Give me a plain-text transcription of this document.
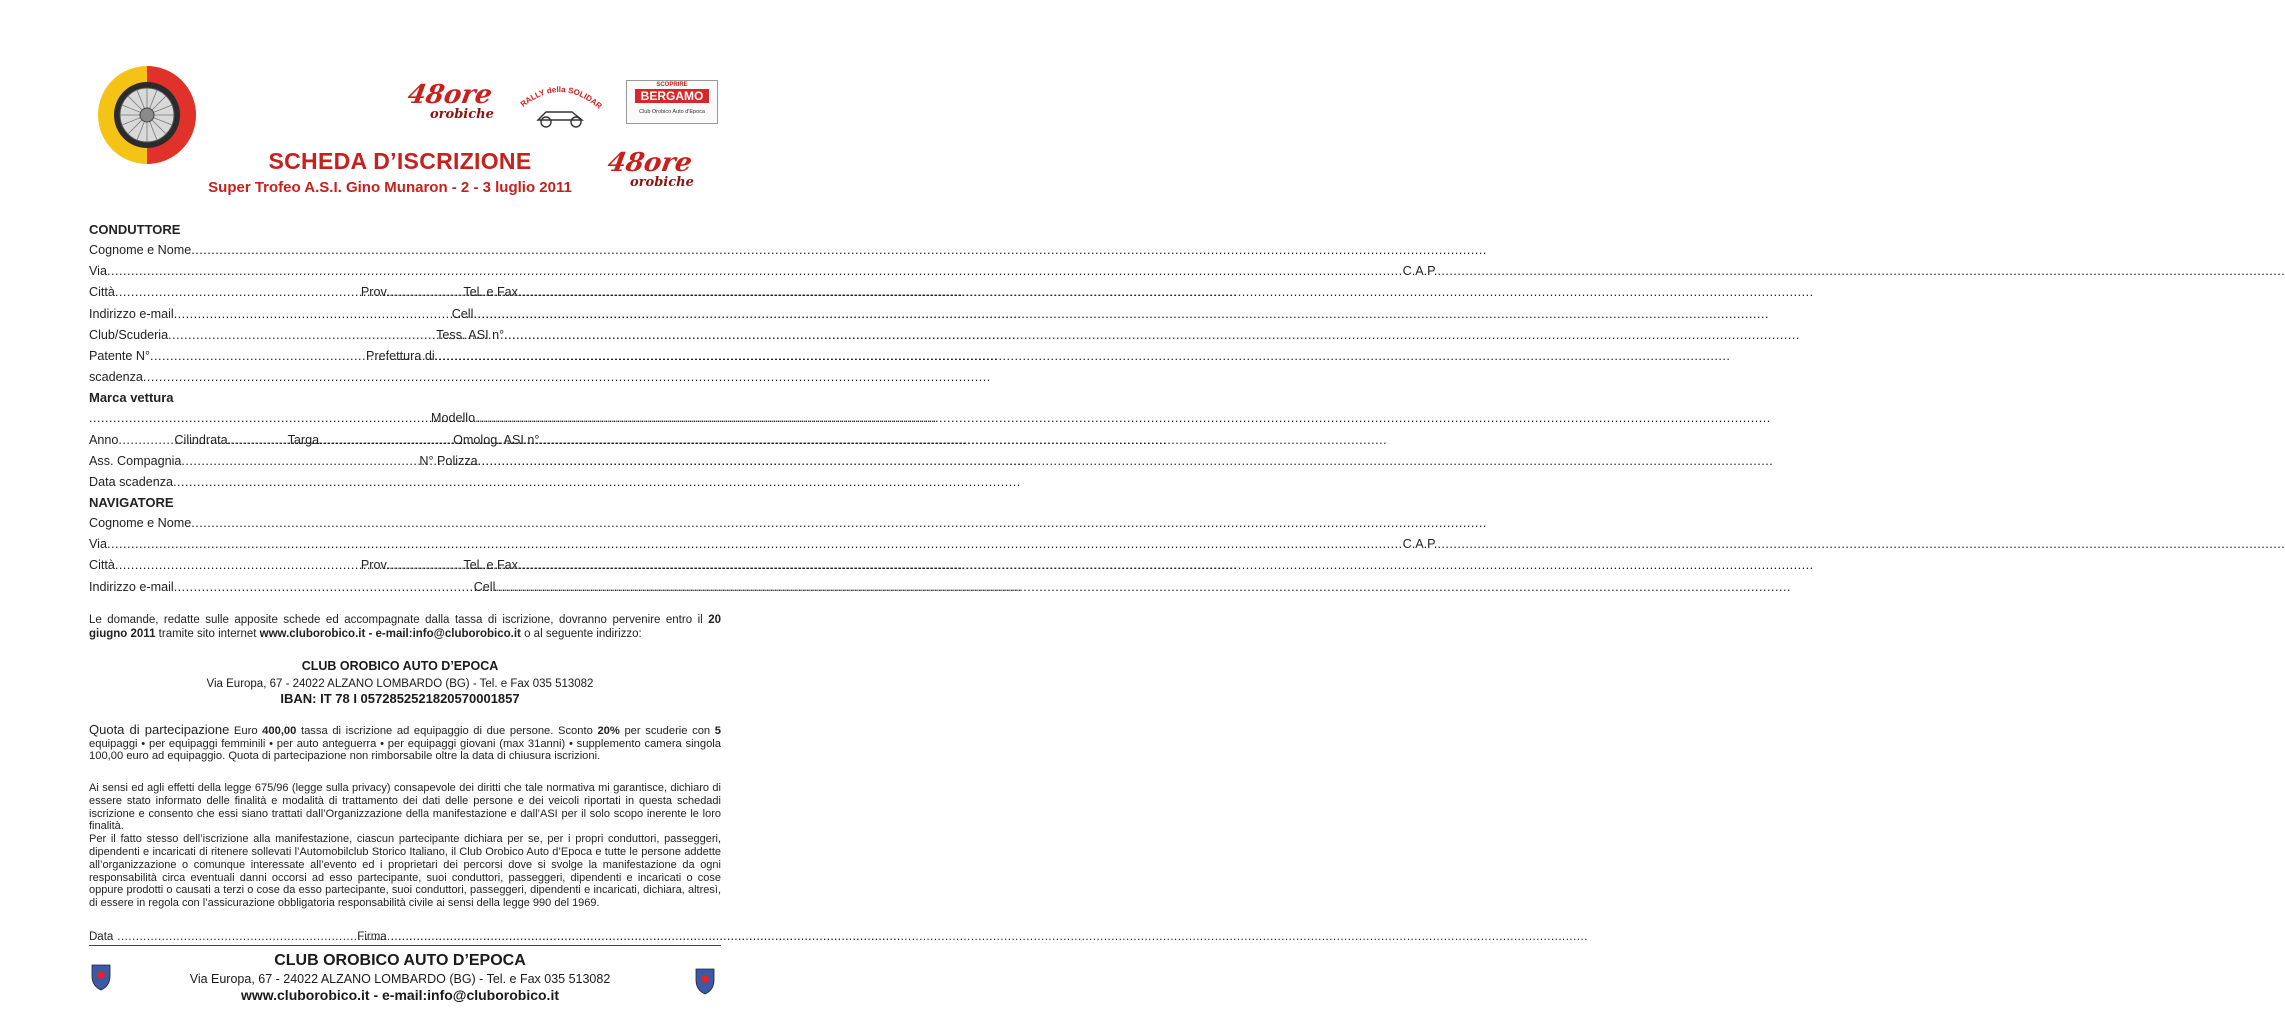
48ore
orobiche
RALLY della SOLIDAR
SCOPRIRE
BERGAMO
Club Orobico Auto d'Epoca
48ore
orobiche
SCHEDA D’ISCRIZIONE
Super Trofeo A.S.I. Gino Munaron - 2 - 3 luglio 2011
CONDUTTORE
Cognome e Nome
.....
Via .....	C.A.P.
.....
Città .....	Prov. .....	Tel. e Fax
.....
Indirizzo e-mail .....	Cell
.....
Club/Scuderia .....	Tess. ASI n°
.....
Patente N° .....	Prefettura di
.....
scadenza
.....
Marca vettura
.....
Modello
.....
Anno .....	Cilindrata .....	Targa .....	Omolog. ASI n°
.....
Ass. Compagnia .....	N° Polizza
.....
Data scadenza
.....
NAVIGATORE
Cognome e Nome
.....
Via .....	C.A.P.
.....
Città .....	Prov. .....	Tel. e Fax
.....
Indirizzo e-mail .....	Cell
.....
Le domande, redatte sulle apposite schede ed accompagnate dalla tassa di iscrizione, dovranno pervenire entro il 20 giugno 2011 tramite sito internet www.cluborobico.it - e-mail:info@cluborobico.it o al seguente indirizzo:
CLUB OROBICO AUTO D’EPOCA
Via Europa, 67 - 24022 ALZANO LOMBARDO (BG) - Tel. e Fax 035 513082
IBAN: IT 78 I 0572852521820570001857
Quota di partecipazione Euro 400,00 tassa di iscrizione ad equipaggio di due persone. Sconto 20% per scuderie con 5 equipaggi • per equipaggi femminili • per auto anteguerra • per equipaggi giovani (max 31anni) • supplemento camera singola 100,00 euro ad equipaggio. Quota di partecipazione non rimborsabile oltre la data di chiusura iscrizioni.
Ai sensi ed agli effetti della legge 675/96 (legge sulla privacy) consapevole dei diritti che tale normativa mi garantisce, dichiaro di essere stato informato delle finalità e modalità di trattamento dei dati delle persone e dei veicoli riportati in questa schedadi iscrizione e consento che essi siano trattati dall’Organizzazione della manifestazione e dall’ASI per il solo scopo inerente le loro finalità.
Per il fatto stesso dell’iscrizione alla manifestazione, ciascun partecipante dichiara per se, per i propri conduttori, passeggeri, dipendenti e incaricati di ritenere sollevati l’Automobilclub Storico Italiano, il Club Orobico Auto d’Epoca e tutte le persone addette all’organizzazione o comunque interessate all’evento ed i proprietari dei percorsi dove si svolge la manifestazione da ogni responsabilità circa eventuali danni occorsi ad esso partecipante, suoi conduttori, passeggeri, dipendenti e incaricati o cose oppure prodotti o causati a terzi o cose da esso partecipante, suoi conduttori, passeggeri, dipendenti e incaricati, dichiara, altresì, di essere in regola con l’assicurazione obbligatoria responsabilità civile ai sensi della legge 990 del 1969.
Data .....	Firma
.....
CLUB OROBICO AUTO D’EPOCA
Via Europa, 67 - 24022 ALZANO LOMBARDO (BG) - Tel. e Fax 035 513082
www.cluborobico.it - e-mail:info@cluborobico.it
